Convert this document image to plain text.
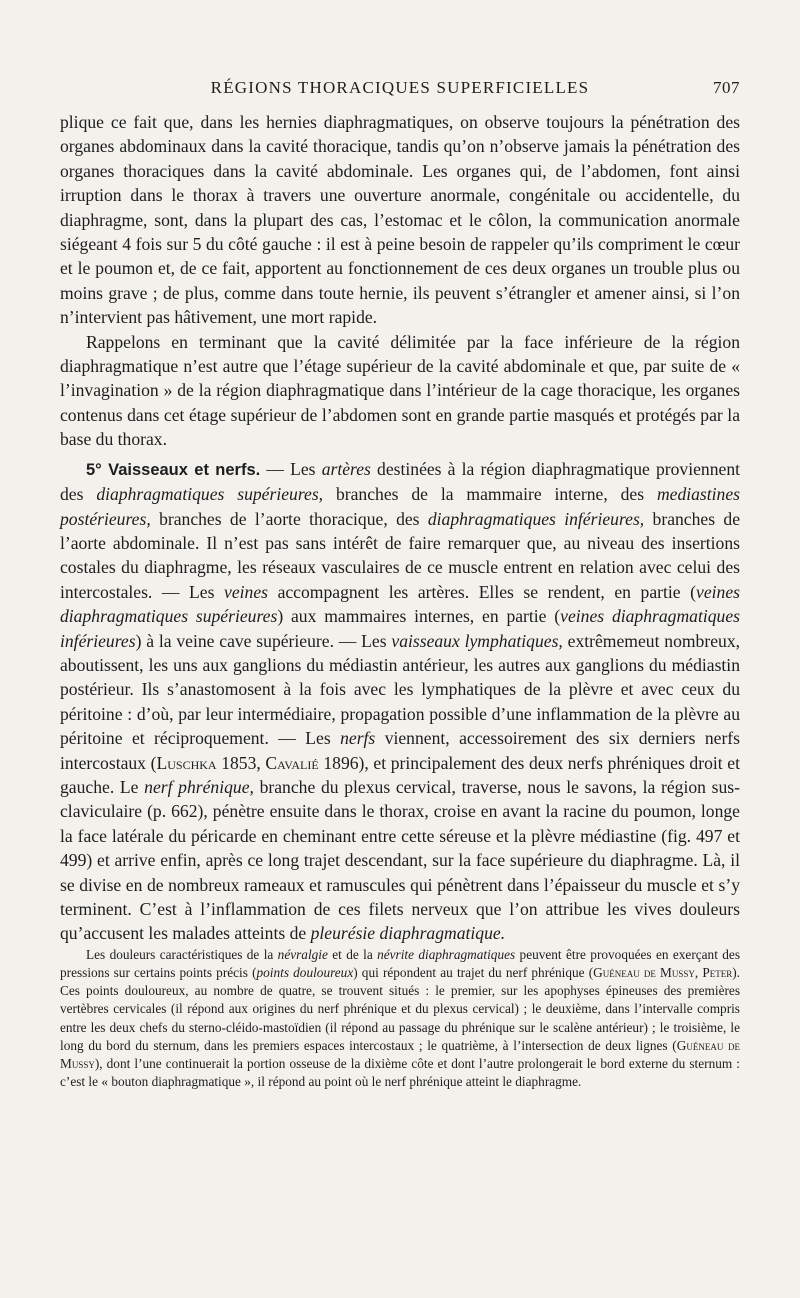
RÉGIONS THORACIQUES SUPERFICIELLES	707

plique ce fait que, dans les hernies diaphragmatiques, on observe toujours la pénétration des organes abdominaux dans la cavité thoracique, tandis qu’on n’observe jamais la pénétration des organes thoraciques dans la cavité abdominale. Les organes qui, de l’abdomen, font ainsi irruption dans le thorax à travers une ouverture anormale, congénitale ou accidentelle, du diaphragme, sont, dans la plupart des cas, l’estomac et le côlon, la communication anormale siégeant 4 fois sur 5 du côté gauche : il est à peine besoin de rappeler qu’ils compriment le cœur et le poumon et, de ce fait, apportent au fonctionnement de ces deux organes un trouble plus ou moins grave ; de plus, comme dans toute hernie, ils peuvent s’étrangler et amener ainsi, si l’on n’intervient pas hâtivement, une mort rapide.

Rappelons en terminant que la cavité délimitée par la face inférieure de la région diaphragmatique n’est autre que l’étage supérieur de la cavité abdominale et que, par suite de « l’invagination » de la région diaphragmatique dans l’intérieur de la cage thoracique, les organes contenus dans cet étage supérieur de l’abdomen sont en grande partie masqués et protégés par la base du thorax.

5° Vaisseaux et nerfs. — Les artères destinées à la région diaphragmatique proviennent des diaphragmatiques supérieures, branches de la mammaire interne, des mediastines postérieures, branches de l’aorte thoracique, des diaphragmatiques inférieures, branches de l’aorte abdominale. Il n’est pas sans intérêt de faire remarquer que, au niveau des insertions costales du diaphragme, les réseaux vasculaires de ce muscle entrent en relation avec celui des intercostales. — Les veines accompagnent les artères. Elles se rendent, en partie (veines diaphragmatiques supérieures) aux mammaires internes, en partie (veines diaphragmatiques inférieures) à la veine cave supérieure. — Les vaisseaux lymphatiques, extrêmemeut nombreux, aboutissent, les uns aux ganglions du médiastin antérieur, les autres aux ganglions du médiastin postérieur. Ils s’anastomosent à la fois avec les lymphatiques de la plèvre et avec ceux du péritoine : d’où, par leur intermédiaire, propagation possible d’une inflammation de la plèvre au péritoine et réciproquement. — Les nerfs viennent, accessoirement des six derniers nerfs intercostaux (Luschka 1853, Cavalié 1896), et principalement des deux nerfs phréniques droit et gauche. Le nerf phrénique, branche du plexus cervical, traverse, nous le savons, la région sus-claviculaire (p. 662), pénètre ensuite dans le thorax, croise en avant la racine du poumon, longe la face latérale du péricarde en cheminant entre cette séreuse et la plèvre médiastine (fig. 497 et 499) et arrive enfin, après ce long trajet descendant, sur la face supérieure du diaphragme. Là, il se divise en de nombreux rameaux et ramuscules qui pénètrent dans l’épaisseur du muscle et s’y terminent. C’est à l’inflammation de ces filets nerveux que l’on attribue les vives douleurs qu’accusent les malades atteints de pleurésie diaphragmatique.

Les douleurs caractéristiques de la névralgie et de la névrite diaphragmatiques peuvent être provoquées en exerçant des pressions sur certains points précis (points douloureux) qui répondent au trajet du nerf phrénique (Guéneau de Mussy, Peter). Ces points douloureux, au nombre de quatre, se trouvent situés : le premier, sur les apophyses épineuses des premières vertèbres cervicales (il répond aux origines du nerf phrénique et du plexus cervical) ; le deuxième, dans l’intervalle compris entre les deux chefs du sterno-cléido-mastoïdien (il répond au passage du phrénique sur le scalène antérieur) ; le troisième, le long du bord du sternum, dans les premiers espaces intercostaux ; le quatrième, à l’intersection de deux lignes (Guéneau de Mussy), dont l’une continuerait la portion osseuse de la dixième côte et dont l’autre prolongerait le bord externe du sternum : c’est le « bouton diaphragmatique », il répond au point où le nerf phrénique atteint le diaphragme.
